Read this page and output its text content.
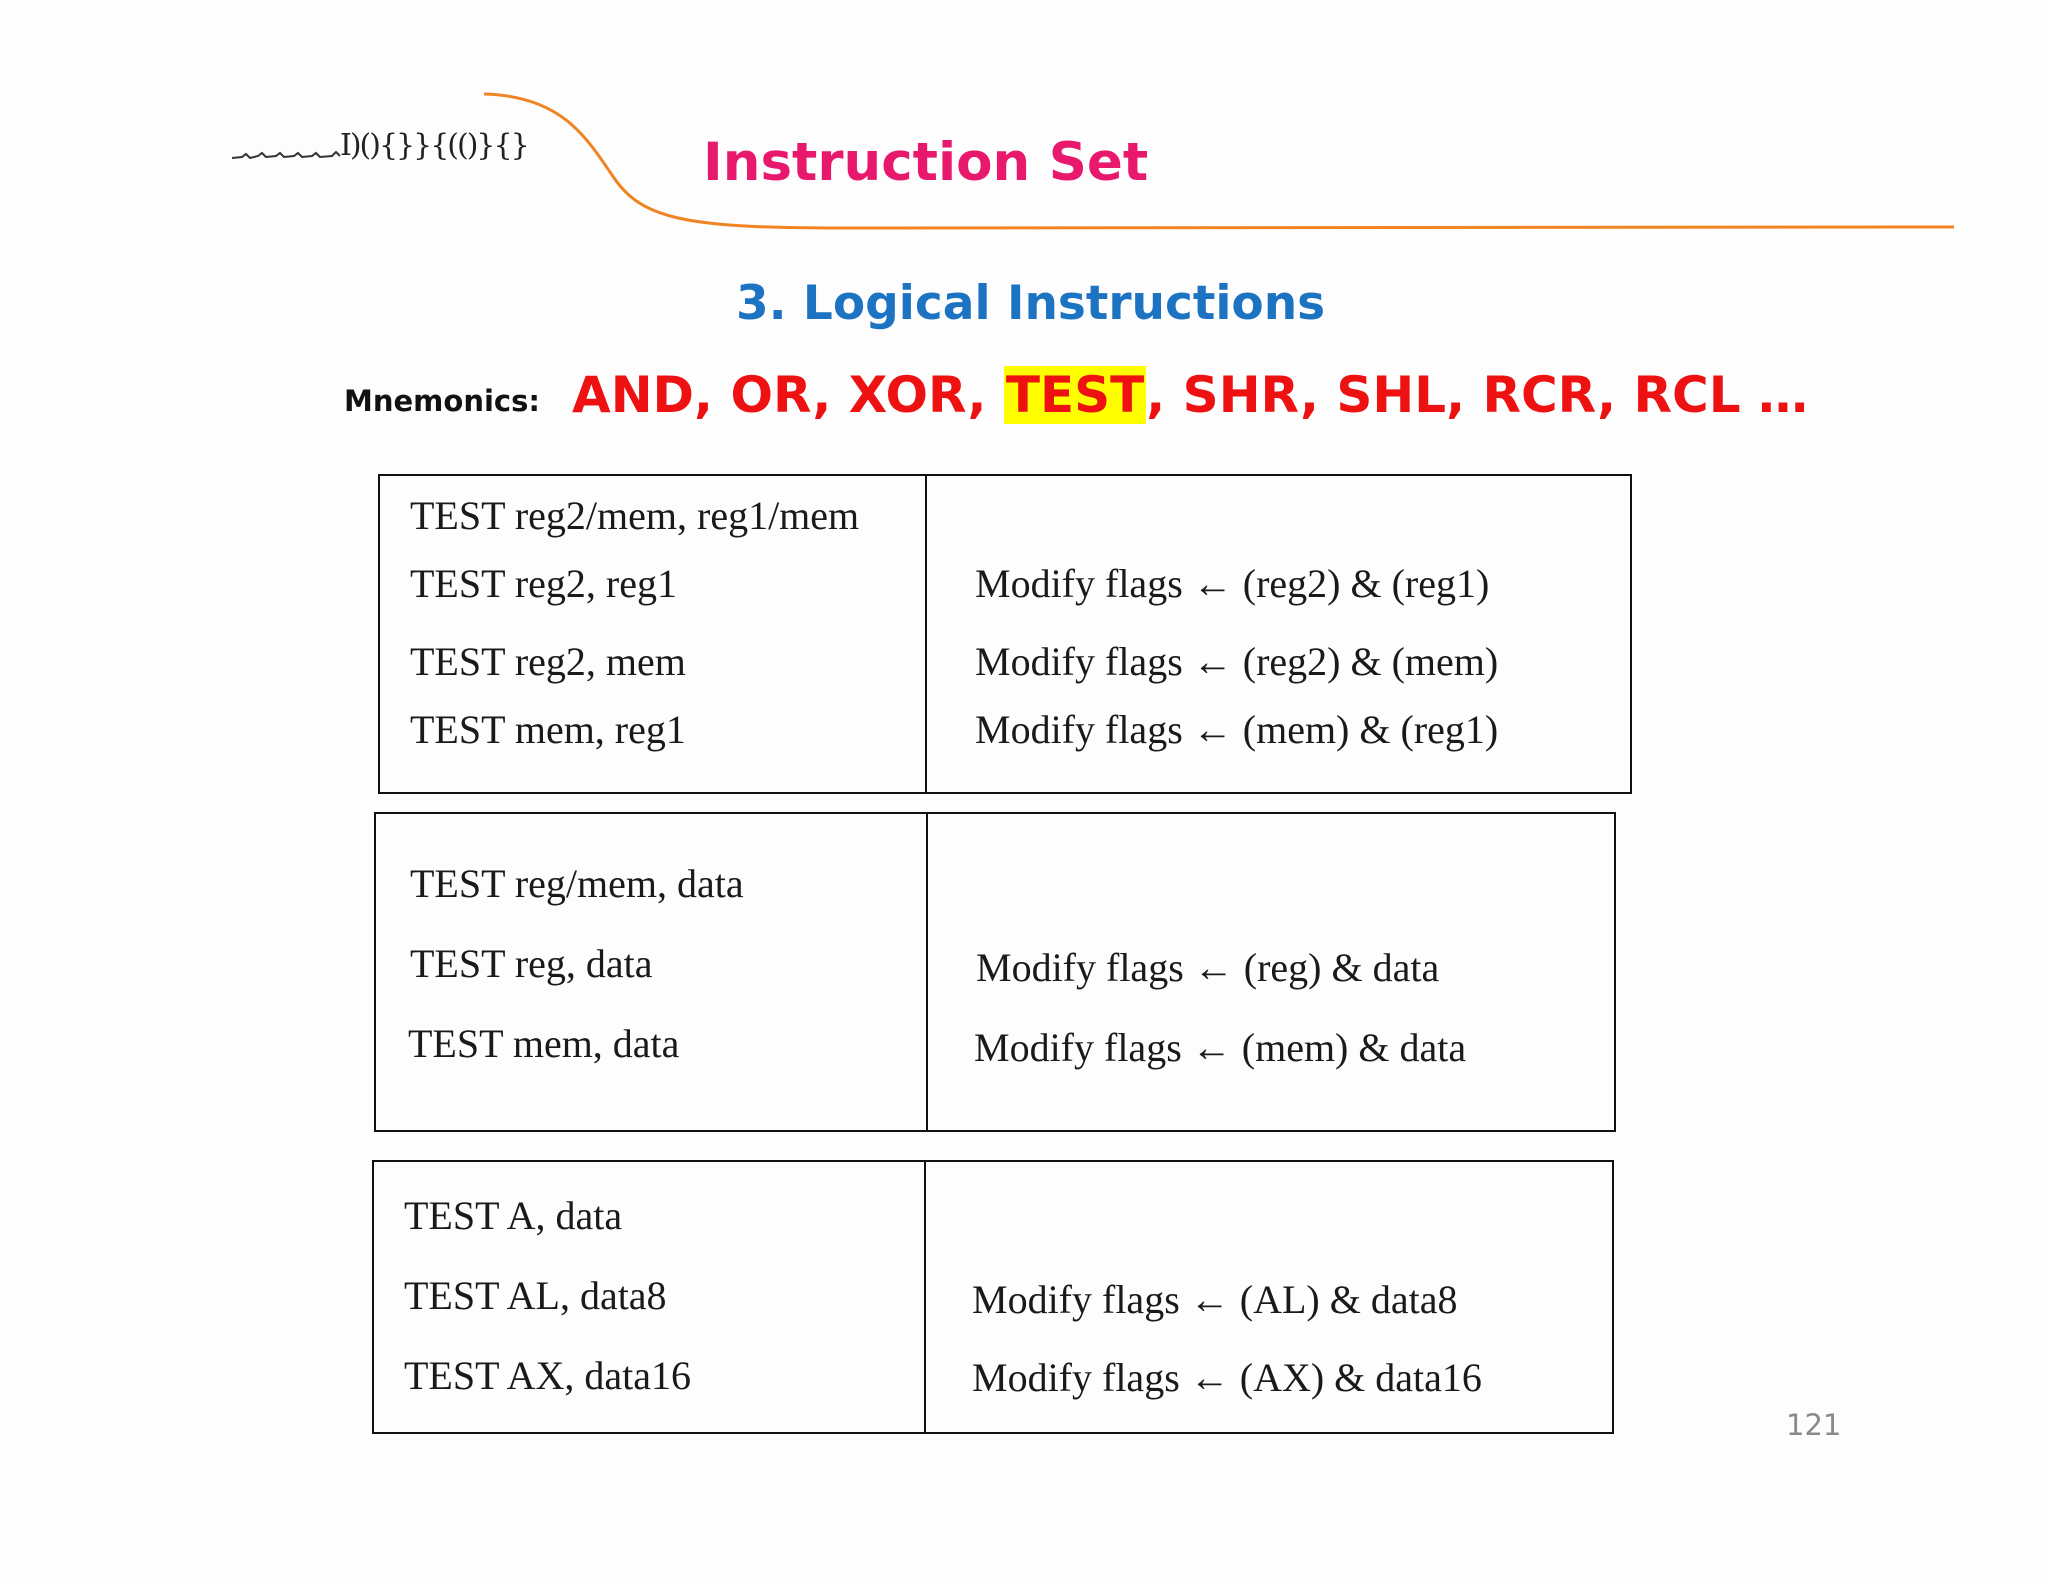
I)(){}}{(()}{}	Instruction Set
3. Logical Instructions
Mnemonics: AND, OR, XOR, TEST, SHR, SHL, RCR, RCL …
TEST reg2/mem, reg1/mem
TEST reg2, reg1
TEST reg2, mem
TEST mem, reg1
Modify flags ← (reg2) & (reg1)
Modify flags ← (reg2) & (mem)
Modify flags ← (mem) & (reg1)
TEST reg/mem, data
TEST reg, data
TEST mem, data
Modify flags ← (reg) & data
Modify flags ← (mem) & data
TEST A, data
TEST AL, data8
TEST AX, data16
Modify flags ← (AL) & data8
Modify flags ← (AX) & data16
121
